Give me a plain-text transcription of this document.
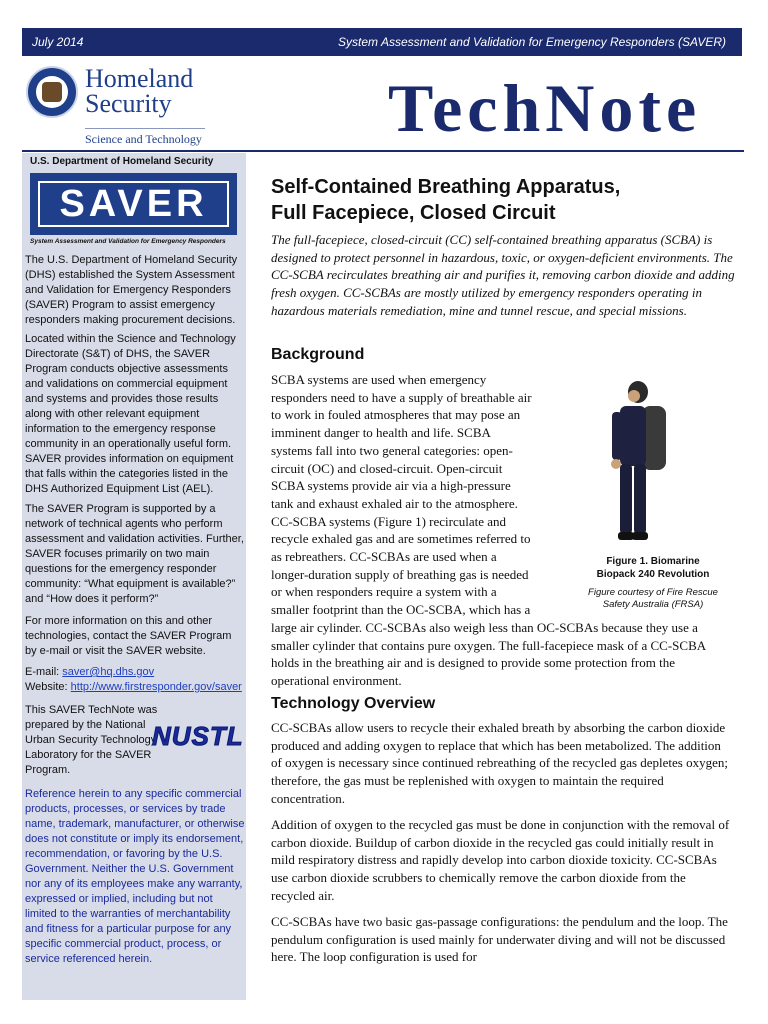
July 2014	System Assessment and Validation for Emergency Responders (SAVER)
Homeland
Security
Science and Technology	TechNote
U.S. Department of Homeland Security
SAVER
System Assessment and Validation for Emergency Responders

The U.S. Department of Homeland Security (DHS) established the System Assessment and Validation for Emergency Responders (SAVER) Program to assist emergency responders making procurement decisions.

Located within the Science and Technology Directorate (S&T) of DHS, the SAVER Program conducts objective assessments and validations on commercial equipment and systems and provides those results along with other relevant equipment information to the emergency response community in an operationally useful form. SAVER provides information on equipment that falls within the categories listed in the DHS Authorized Equipment List (AEL).

The SAVER Program is supported by a network of technical agents who perform assessment and validation activities. Further, SAVER focuses primarily on two main questions for the emergency responder community: “What equipment is available?” and “How does it perform?”

For more information on this and other technologies, contact the SAVER Program by e-mail or visit the SAVER website.

E-mail: saver@hq.dhs.gov

Website: http://www.firstresponder.gov/saver

This SAVER TechNote was prepared by the National Urban Security Technology Laboratory for the SAVER Program.

NUSTL

Reference herein to any specific commercial products, processes, or services by trade name, trademark, manufacturer, or otherwise does not constitute or imply its endorsement, recommendation, or favoring by the U.S. Government. Neither the U.S. Government nor any of its employees make any warranty, expressed or implied, including but not limited to the warranties of merchantability and fitness for a particular purpose for any specific commercial product, process, or service referenced herein.

Self-Contained Breathing Apparatus,
Full Facepiece, Closed Circuit

The full-facepiece, closed-circuit (CC) self-contained breathing apparatus (SCBA) is designed to protect personnel in hazardous, toxic, or oxygen-deficient environments. The CC-SCBA recirculates breathing air and purifies it, removing carbon dioxide and adding fresh oxygen. CC-SCBAs are mostly utilized by emergency responders operating in hazardous materials remediation, mine and tunnel rescue, and special missions.

Background
SCBA systems are used when emergency
responders need to have a supply of breathable air
to work in fouled atmospheres that may pose an
imminent danger to health and life. SCBA
systems fall into two general categories: open-
circuit (OC) and closed-circuit. Open-circuit
SCBA systems provide air via a high-pressure
tank and exhaust exhaled air to the atmosphere.
CC-SCBA systems (Figure 1) recirculate and
recycle exhaled gas and are sometimes referred to
as rebreathers. CC-SCBAs are used when a
longer-duration supply of breathing gas is needed
or when responders require a system with a
smaller footprint than the OC-SCBA, which has a

large air cylinder. CC-SCBAs also weigh less than OC-SCBAs because they use a smaller cylinder that contains pure oxygen. The full-facepiece mask of a CC-SCBA holds in the breathing air and is designed to provide some protection from the operational environment.

Figure 1. Biomarine
Biopack 240 Revolution
Figure courtesy of Fire Rescue
Safety Australia (FRSA)
Technology Overview

CC-SCBAs allow users to recycle their exhaled breath by absorbing the carbon dioxide produced and adding oxygen to replace that which has been metabolized. The addition of oxygen is necessary since continued rebreathing of the recycled gas depletes oxygen; therefore, the gas must be replenished with oxygen to maintain the required concentration.

Addition of oxygen to the recycled gas must be done in conjunction with the removal of carbon dioxide. Buildup of carbon dioxide in the recycled gas could initially result in mild respiratory distress and rapidly develop into carbon dioxide toxicity. CC-SCBAs use carbon dioxide scrubbers to chemically remove the carbon dioxide from the recycled air.

CC-SCBAs have two basic gas-passage configurations: the pendulum and the loop. The pendulum configuration is used mainly for underwater diving and will not be discussed here. The loop configuration is used for
